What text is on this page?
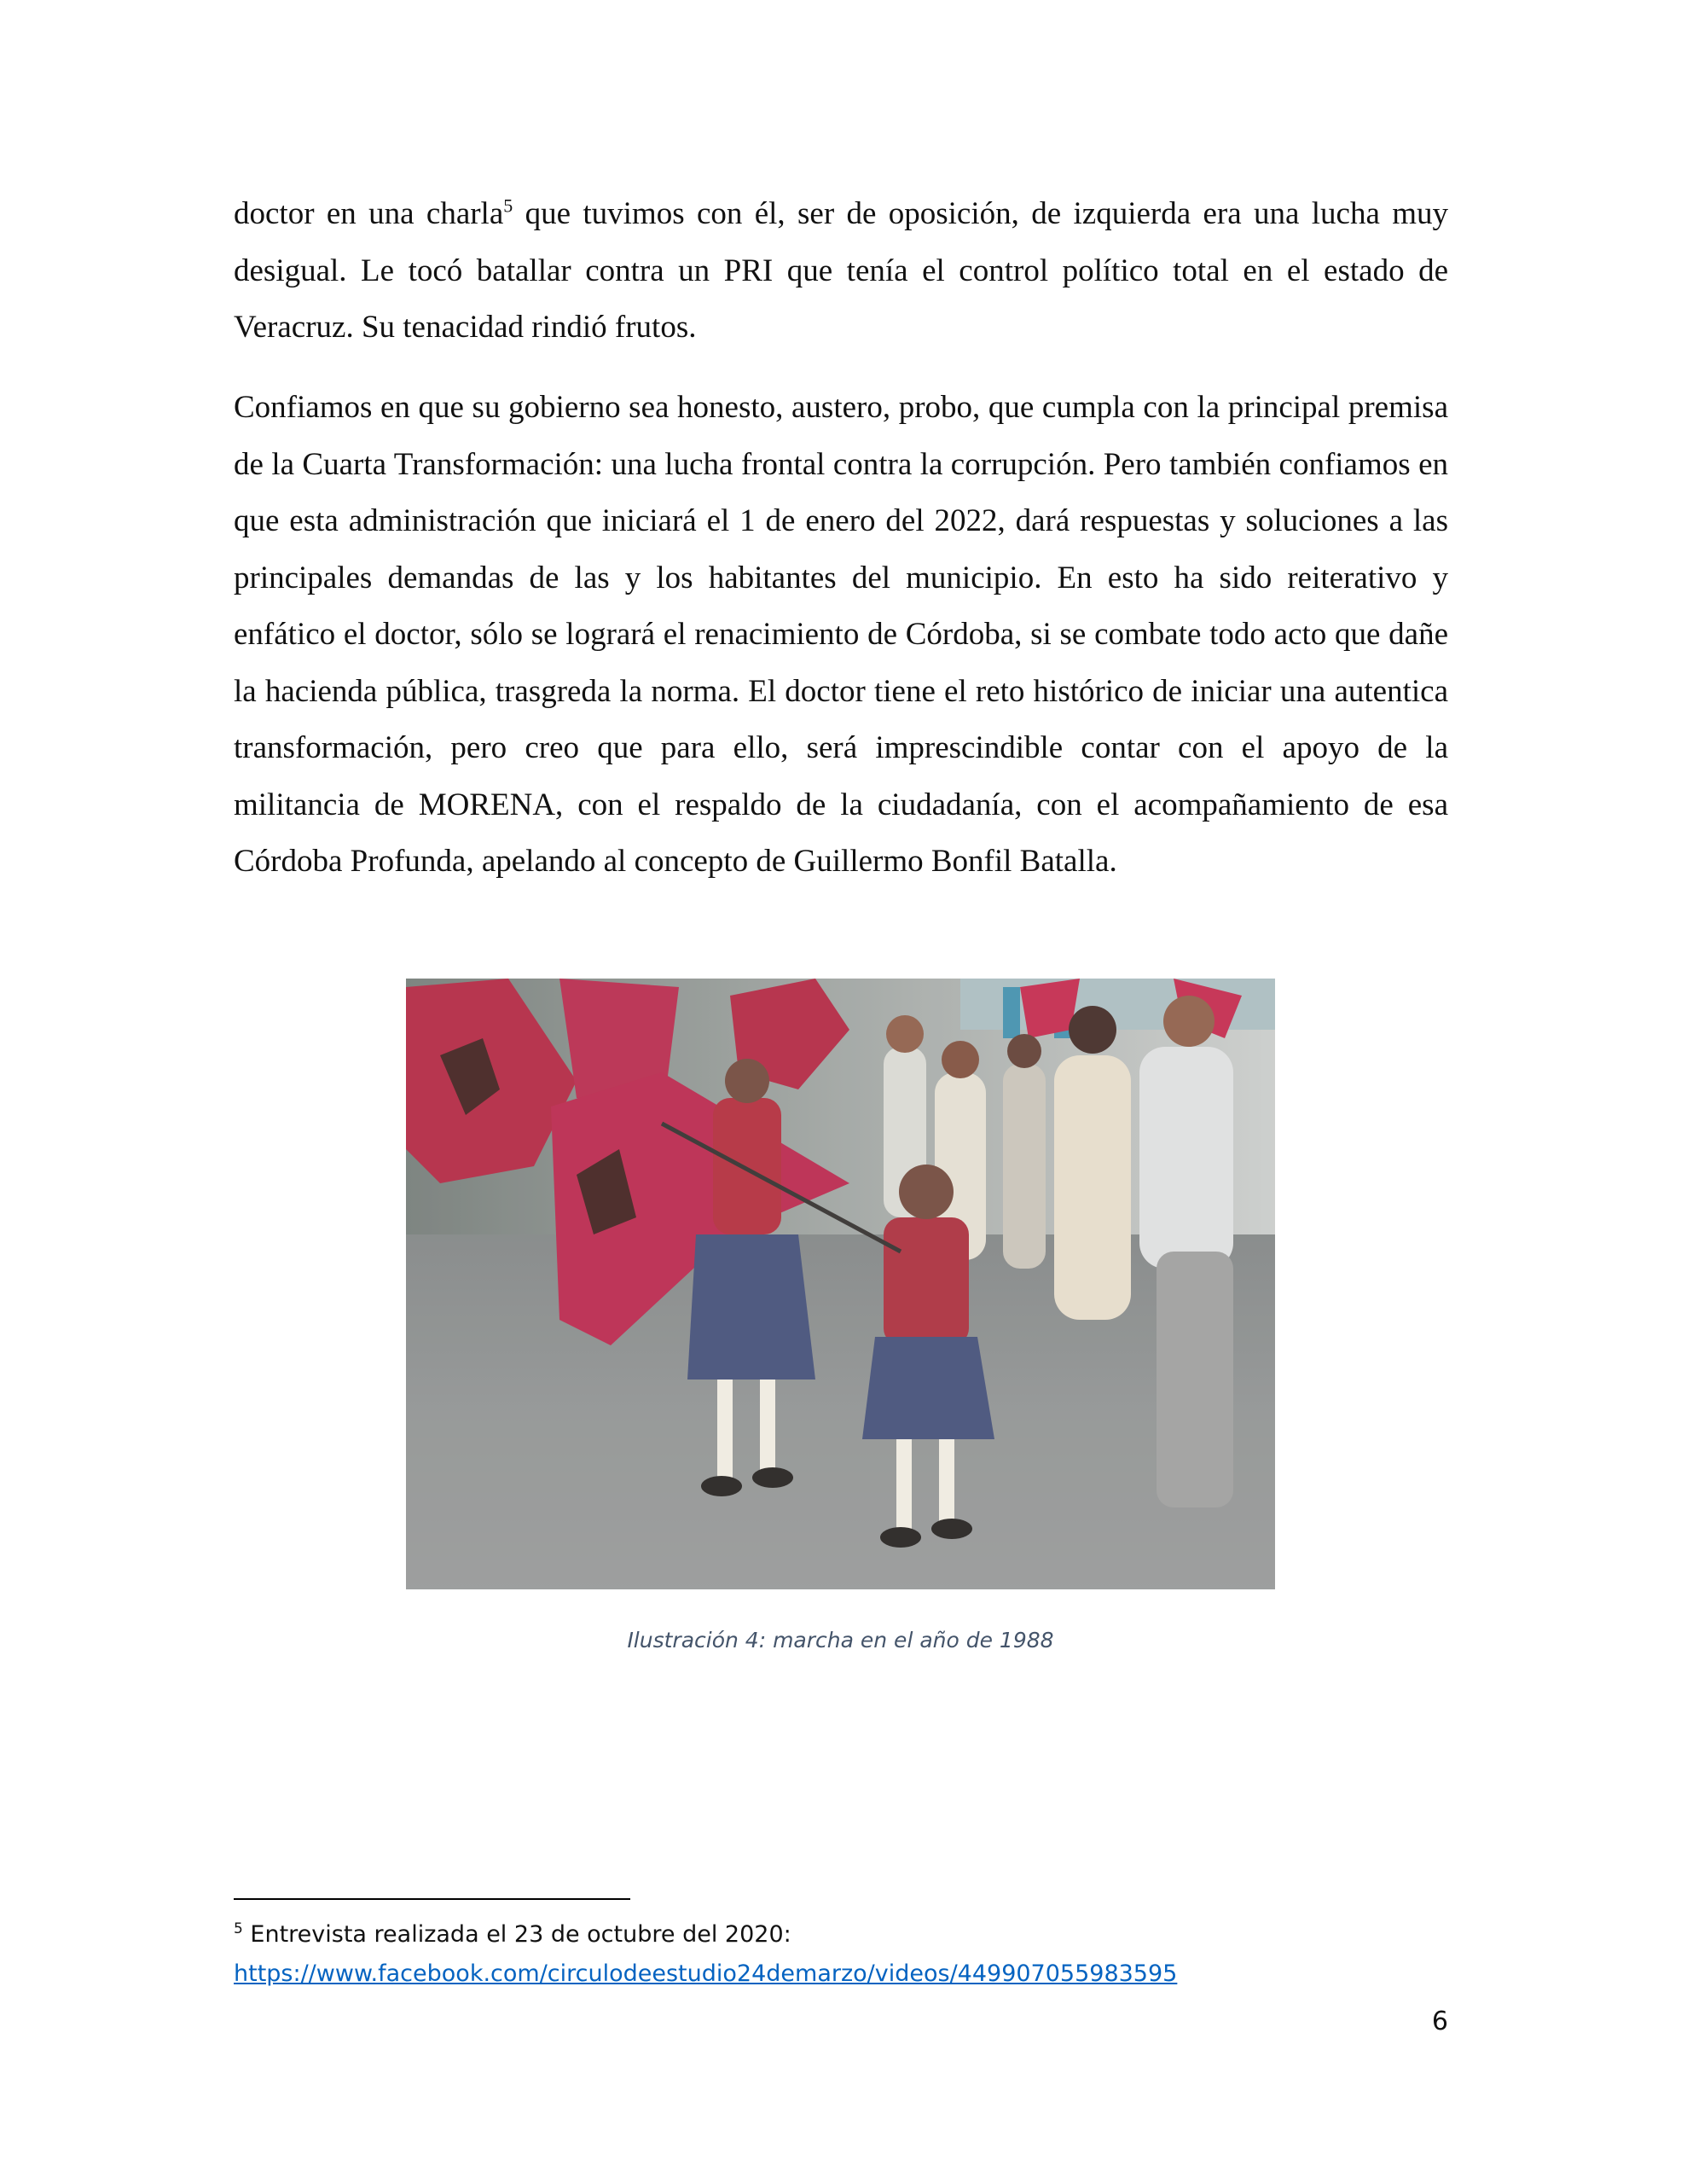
doctor en una charla$^5$ que tuvimos con él, ser de oposición, de izquierda era una lucha muy desigual. Le tocó batallar contra un PRI que tenía el control político total en el estado de Veracruz. Su tenacidad rindió frutos.

Confiamos en que su gobierno sea honesto, austero, probo, que cumpla con la principal premisa de la Cuarta Transformación: una lucha frontal contra la corrupción. Pero también confiamos en que esta administración que iniciará el 1 de enero del 2022, dará respuestas y soluciones a las principales demandas de las y los habitantes del municipio. En esto ha sido reiterativo y enfático el doctor, sólo se logrará el renacimiento de Córdoba, si se combate todo acto que dañe la hacienda pública, trasgreda la norma. El doctor tiene el reto histórico de iniciar una autentica transformación, pero creo que para ello, será imprescindible contar con el apoyo de la militancia de MORENA, con el respaldo de la ciudadanía, con el acompañamiento de esa Córdoba Profunda, apelando al concepto de Guillermo Bonfil Batalla.

Ilustración 4: marcha en el año de 1988
$^5$ Entrevista realizada el 23 de octubre del 2020:
https://www.facebook.com/circulodeestudio24demarzo/videos/449907055983595
6
